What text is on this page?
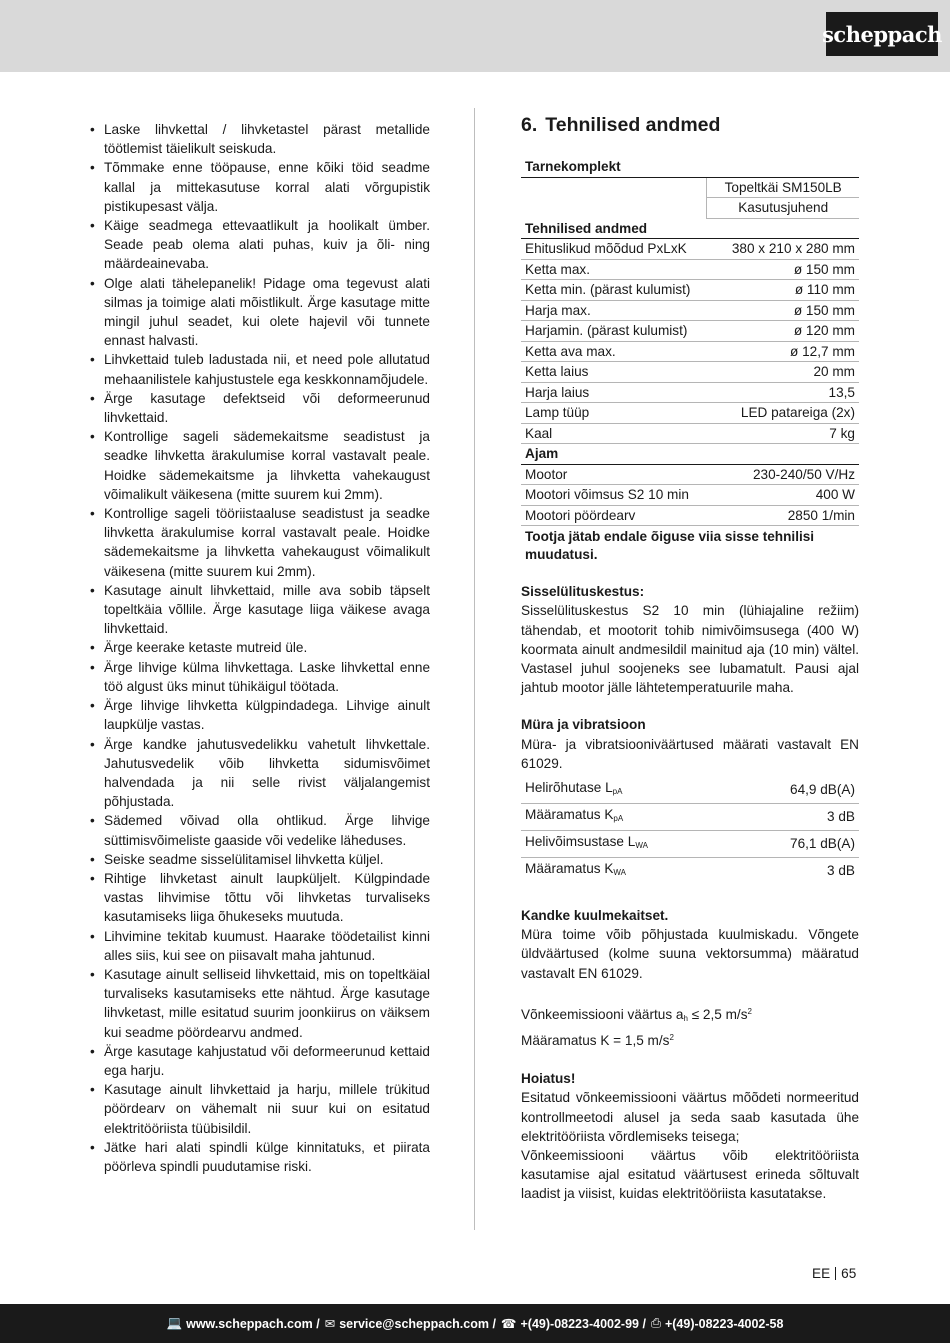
scheppach
• Laske lihvkettal / lihvketastel pärast metallide töötlemist täielikult seiskuda.
• Tõmmake enne tööpause, enne kõiki töid seadme kallal ja mittekasutuse korral alati võrgupistik pistikupesast välja.
• Käige seadmega ettevaatlikult ja hoolikalt ümber. Seade peab olema alati puhas, kuiv ja õli- ning määrdeainevaba.
• Olge alati tähelepanelik! Pidage oma tegevust alati silmas ja toimige alati mõistlikult. Ärge kasutage mitte mingil juhul seadet, kui olete hajevil või tunnete ennast halvasti.
• Lihvkettaid tuleb ladustada nii, et need pole allutatud mehaanilistele kahjustustele ega keskkonnamõjudele.
• Ärge kasutage defektseid või deformeerunud lihvkettaid.
• Kontrollige sageli sädemekaitsme seadistust ja seadke lihvketta ärakulumise korral vastavalt peale. Hoidke sädemekaitsme ja lihvketta vahekaugust võimalikult väikesena (mitte suurem kui 2mm).
• Kontrollige sageli tööriistaaluse seadistust ja seadke lihvketta ärakulumise korral vastavalt peale. Hoidke sädemekaitsme ja lihvketta vahekaugust võimalikult väikesena (mitte suurem kui 2mm).
• Kasutage ainult lihvkettaid, mille ava sobib täpselt topeltkäia võllile. Ärge kasutage liiga väikese avaga lihvkettaid.
• Ärge keerake ketaste mutreid üle.
• Ärge lihvige külma lihvkettaga. Laske lihvkettal enne töö algust üks minut tühikäigul töötada.
• Ärge lihvige lihvketta külgpindadega. Lihvige ainult laupkülje vastas.
• Ärge kandke jahutusvedelikku vahetult lihvkettale. Jahutusvedelik võib lihvketta sidumisvõimet halvendada ja nii selle rivist väljalangemist põhjustada.
• Sädemed võivad olla ohtlikud. Ärge lihvige süttimisvõimeliste gaaside või vedelike läheduses.
• Seiske seadme sisselülitamisel lihvketta küljel.
• Rihtige lihvketast ainult laupküljelt. Külgpindade vastas lihvimise tõttu või lihvketas turvaliseks kasutamiseks liiga õhukeseks muutuda.
• Lihvimine tekitab kuumust. Haarake töödetailist kinni alles siis, kui see on piisavalt maha jahtunud.
• Kasutage ainult selliseid lihvkettaid, mis on topeltkäial turvaliseks kasutamiseks ette nähtud. Ärge kasutage lihvketast, mille esitatud suurim joonkiirus on väiksem kui seadme pöördearvu andmed.
• Ärge kasutage kahjustatud või deformeerunud kettaid ega harju.
• Kasutage ainult lihvkettaid ja harju, millele trükitud pöördearv on vähemalt nii suur kui on esitatud elektritööriista tüübisildil.
• Jätke hari alati spindli külge kinnitatuks, et piirata pöörleva spindli puudutamise riski.
6. Tehnilised andmed
Tarnekomplekt	
	Topeltkäi SM150LB
	Kasutusjuhend
Tehnilised andmed	
Ehituslikud mõõdud PxLxK	380 x 210 x 280 mm
Ketta max.	ø 150 mm
Ketta min. (pärast kulumist)	ø 110 mm
Harja max.	ø 150 mm
Harjamin. (pärast kulumist)	ø 120 mm
Ketta ava max.	ø 12,7 mm
Ketta laius	20 mm
Harja laius	13,5
Lamp tüüp	LED patareiga (2x)
Kaal	7 kg
Ajam	
Mootor	230-240/50 V/Hz
Mootori võimsus S2 10 min	400 W
Mootori pöördearv	2850 1/min
Tootja jätab endale õiguse viia sisse tehnilisi muudatusi.	
Sisselülituskestus:
Sisselülituskestus S2 10 min (lühiajaline režiim) tähendab, et mootorit tohib nimivõimsusega (400 W) koormata ainult andmesildil mainitud aja (10 min) vältel. Vastasel juhul soojeneks see lubamatult. Pausi ajal jahtub mootor jälle lähtetemperatuurile maha.
Müra ja vibratsioon
Müra- ja vibratsiooniväärtused määrati vastavalt EN 61029.
Helirõhutase $L_{pA}$	64,9 dB(A)
Määramatus $K_{pA}$	3 dB
Helivõimsustase $L_{WA}$	76,1 dB(A)
Määramatus $K_{WA}$	3 dB
Kandke kuulmekaitset.
Müra toime võib põhjustada kuulmiskadu. Võngete üldväärtused (kolme suuna vektorsumma) määratud vastavalt EN 61029.
Võnkeemissiooni väärtus $a_h \le 2,5$ $m/s^2$
Määramatus K = 1,5 $m/s^2$
Hoiatus!
Esitatud võnkeemissiooni väärtus mõõdeti normeeritud kontrollmeetodi alusel ja seda saab kasutada ühe elektritööriista võrdlemiseks teisega;
Võnkeemissiooni väärtus võib elektritööriista kasutamise ajal esitatud väärtusest erineda sõltuvalt laadist ja viisist, kuidas elektritööriista kasutatakse.
EE 65
💻 www.scheppach.com / ✉ service@scheppach.com / ☎ +(49)-08223-4002-99 / ⎙ +(49)-08223-4002-58
